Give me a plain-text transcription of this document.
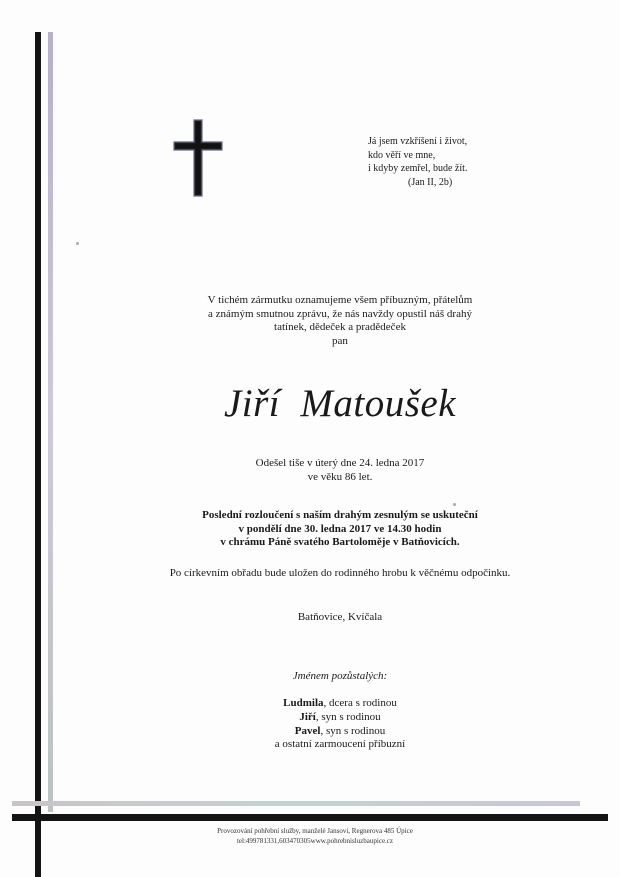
Já jsem vzkříšení i život,
kdo věří ve mne,
i kdyby zemřel, bude žít.
(Jan II, 2b)
V tichém zármutku oznamujeme všem příbuzným, přátelům
a známým smutnou zprávu, že nás navždy opustil náš drahý
tatínek, dědeček a pradědeček
pan
Jiří Matoušek
Odešel tiše v úterý dne 24. ledna 2017
ve věku 86 let.
Poslední rozloučení s naším drahým zesnulým se uskuteční
v pondělí dne 30. ledna 2017 ve 14.30 hodin
v chrámu Páně svatého Bartoloměje v Batňovicích.
Po církevním obřadu bude uložen do rodinného hrobu k věčnému odpočinku.
Batňovice, Kvíčala
Jménem pozůstalých:
Ludmila, dcera s rodinou
Jiří, syn s rodinou
Pavel, syn s rodinou
a ostatní zarmoucení příbuzní
Provozování pohřební služby, manželé Jansovi, Regnerova 485 Úpice
tel:499781331,603470305www.pohrebnisluzbaupice.cz
